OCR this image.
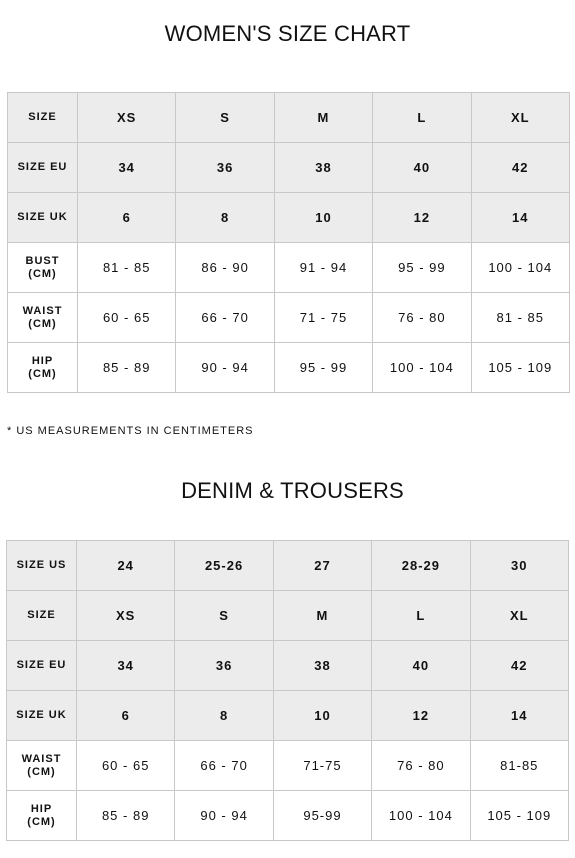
WOMEN'S SIZE CHART
SIZE	XS	S	M	L	XL

SIZE EU	34	36	38	40	42

SIZE UK	6	8	10	12	14

BUST
(CM)	81 - 85	86 - 90	91 - 94	95 - 99	100 - 104

WAIST
(CM)	60 - 65	66 - 70	71 - 75	76 - 80	81 - 85

HIP
(CM)	85 - 89	90 - 94	95 - 99	100 - 104	105 - 109

* US MEASUREMENTS IN CENTIMETERS

DENIM & TROUSERS
SIZE US	24	25-26	27	28-29	30

SIZE	XS	S	M	L	XL

SIZE EU	34	36	38	40	42

SIZE UK	6	8	10	12	14

WAIST
(CM)	60 - 65	66 - 70	71-75	76 - 80	81-85

HIP
(CM)	85 - 89	90 - 94	95-99	100 - 104	105 - 109
